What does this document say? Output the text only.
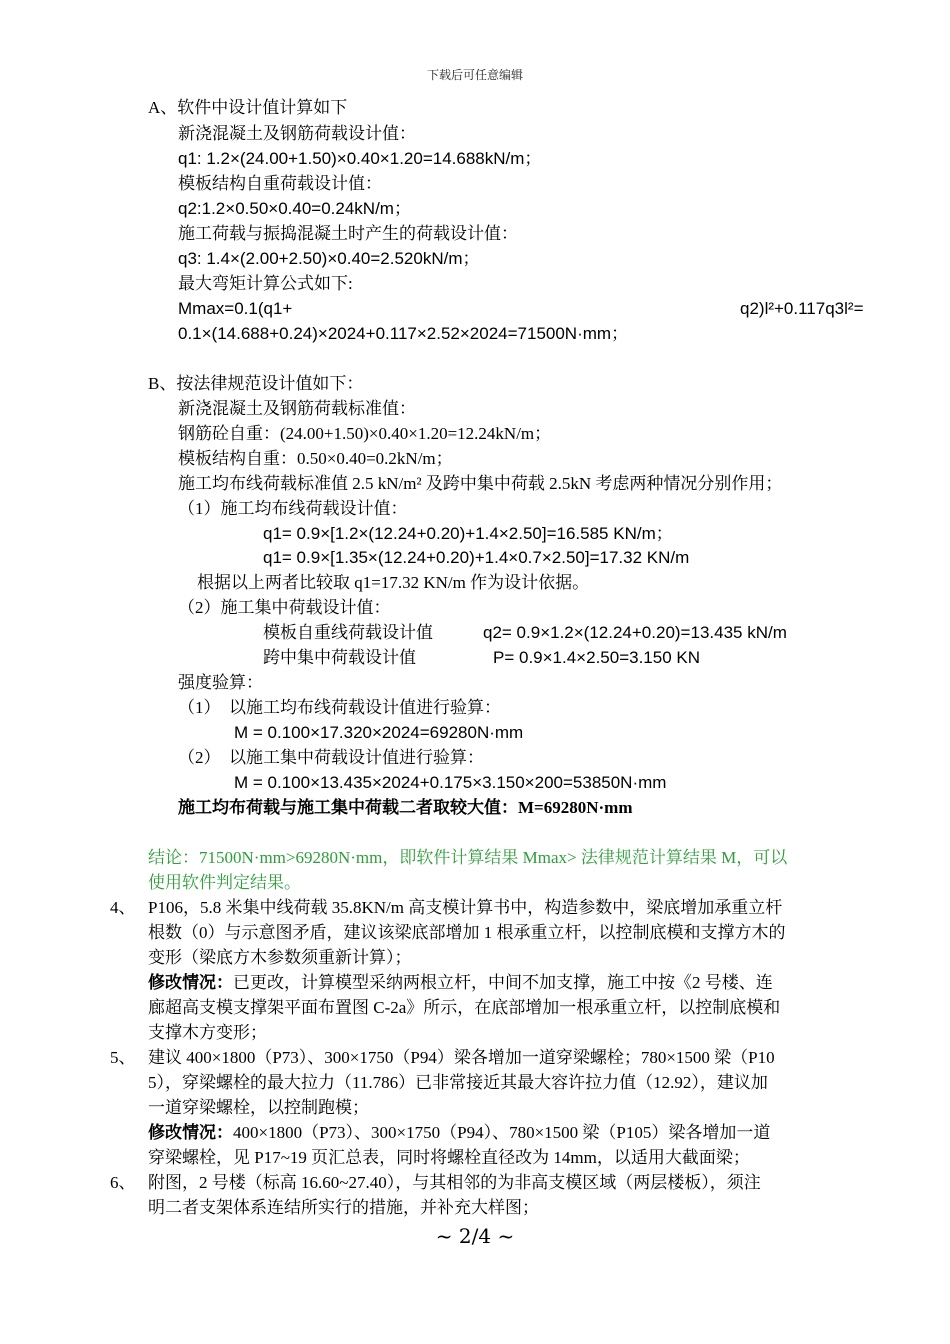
下载后可任意编辑
A、软件中设计值计算如下
新浇混凝土及钢筋荷载设计值：
q1: 1.2×(24.00+1.50)×0.40×1.20=14.688kN/m；
模板结构自重荷载设计值：
q2:1.2×0.50×0.40=0.24kN/m；
施工荷载与振捣混凝土时产生的荷载设计值：
q3: 1.4×(2.00+2.50)×0.40=2.520kN/m；
最大弯矩计算公式如下:
Mmax=0.1(q1+	q2)l²+0.117q3l²=
0.1×(14.688+0.24)×2024+0.117×2.52×2024=71500N·mm；
B、按法律规范设计值如下：
新浇混凝土及钢筋荷载标准值：
钢筋砼自重：(24.00+1.50)×0.40×1.20=12.24kN/m；
模板结构自重：0.50×0.40=0.2kN/m；
施工均布线荷载标准值 2.5 kN/m² 及跨中集中荷载 2.5kN 考虑两种情况分别作用；
（1）施工均布线荷载设计值：
q1= 0.9×[1.2×(12.24+0.20)+1.4×2.50]=16.585 KN/m；
q1= 0.9×[1.35×(12.24+0.20)+1.4×0.7×2.50]=17.32 KN/m
根据以上两者比较取 q1=17.32 KN/m 作为设计依据。
（2）施工集中荷载设计值：
模板自重线荷载设计值	q2= 0.9×1.2×(12.24+0.20)=13.435 kN/m
跨中集中荷载设计值	P= 0.9×1.4×2.50=3.150 KN
强度验算：
（1）　以施工均布线荷载设计值进行验算：
M = 0.100×17.320×2024=69280N·mm
（2）　以施工集中荷载设计值进行验算：
M = 0.100×13.435×2024+0.175×3.150×200=53850N·mm
施工均布荷载与施工集中荷载二者取较大值：M=69280N·mm
结论：71500N·mm>69280N·mm，即软件计算结果 Mmax> 法律规范计算结果 M，可以
使用软件判定结果。
4、 P106，5.8 米集中线荷载 35.8KN/m 高支模计算书中，构造参数中，梁底增加承重立杆
根数（0）与示意图矛盾，建议该梁底部增加 1 根承重立杆，以控制底模和支撑方木的
变形（梁底方木参数须重新计算）；
修改情况：已更改，计算模型采纳两根立杆，中间不加支撑，施工中按《2 号楼、连
廊超高支模支撑架平面布置图 C-2a》所示，在底部增加一根承重立杆，以控制底模和
支撑木方变形；
5、 建议 400×1800（P73）、300×1750（P94）梁各增加一道穿梁螺栓；780×1500 梁（P10
5），穿梁螺栓的最大拉力（11.786）已非常接近其最大容许拉力值（12.92），建议加
一道穿梁螺栓，以控制跑模；
修改情况：400×1800（P73）、300×1750（P94）、780×1500 梁（P105）梁各增加一道
穿梁螺栓，见 P17~19 页汇总表，同时将螺栓直径改为 14mm，以适用大截面梁；
6、 附图，2 号楼（标高 16.60~27.40），与其相邻的为非高支模区域（两层楼板），须注
明二者支架体系连结所实行的措施，并补充大样图；
~ 2/4 ~
